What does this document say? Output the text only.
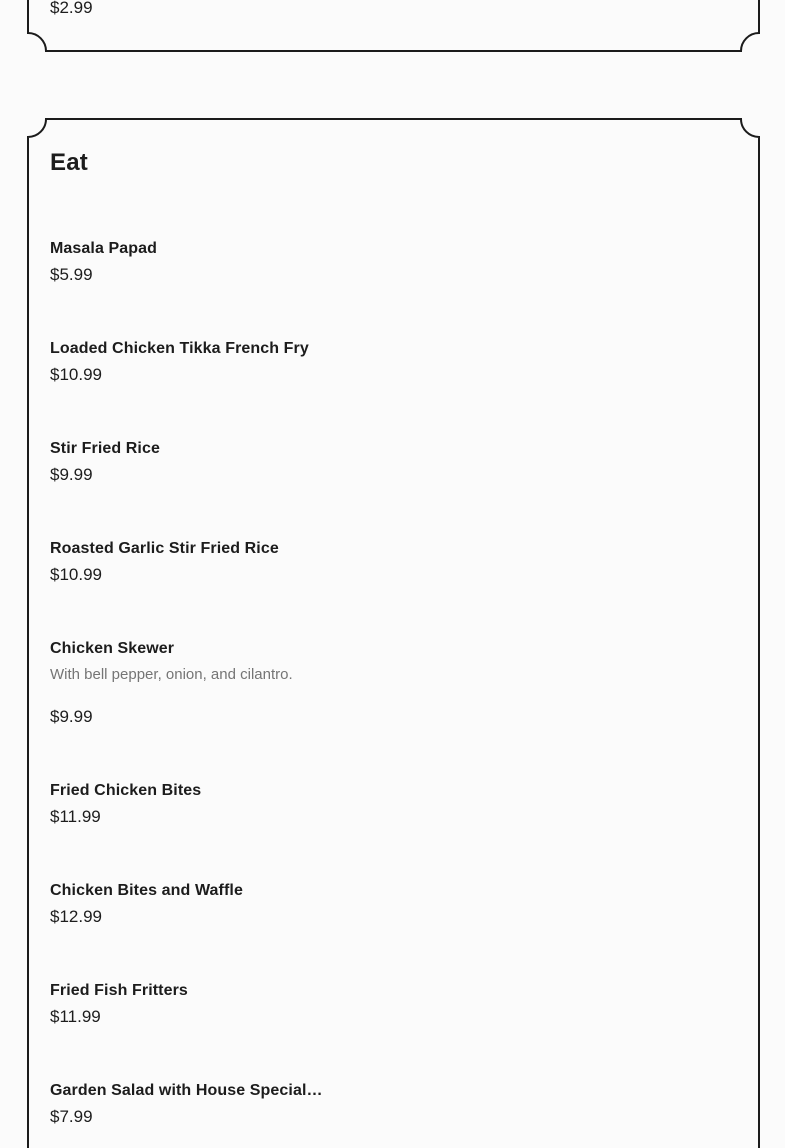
$2.99
Eat
Masala Papad
$5.99
Loaded Chicken Tikka French Fry
$10.99
Stir Fried Rice
$9.99
Roasted Garlic Stir Fried Rice
$10.99
Chicken Skewer
With bell pepper, onion, and cilantro.
$9.99
Fried Chicken Bites
$11.99
Chicken Bites and Waffle
$12.99
Fried Fish Fritters
$11.99
Garden Salad with House Special…
$7.99
